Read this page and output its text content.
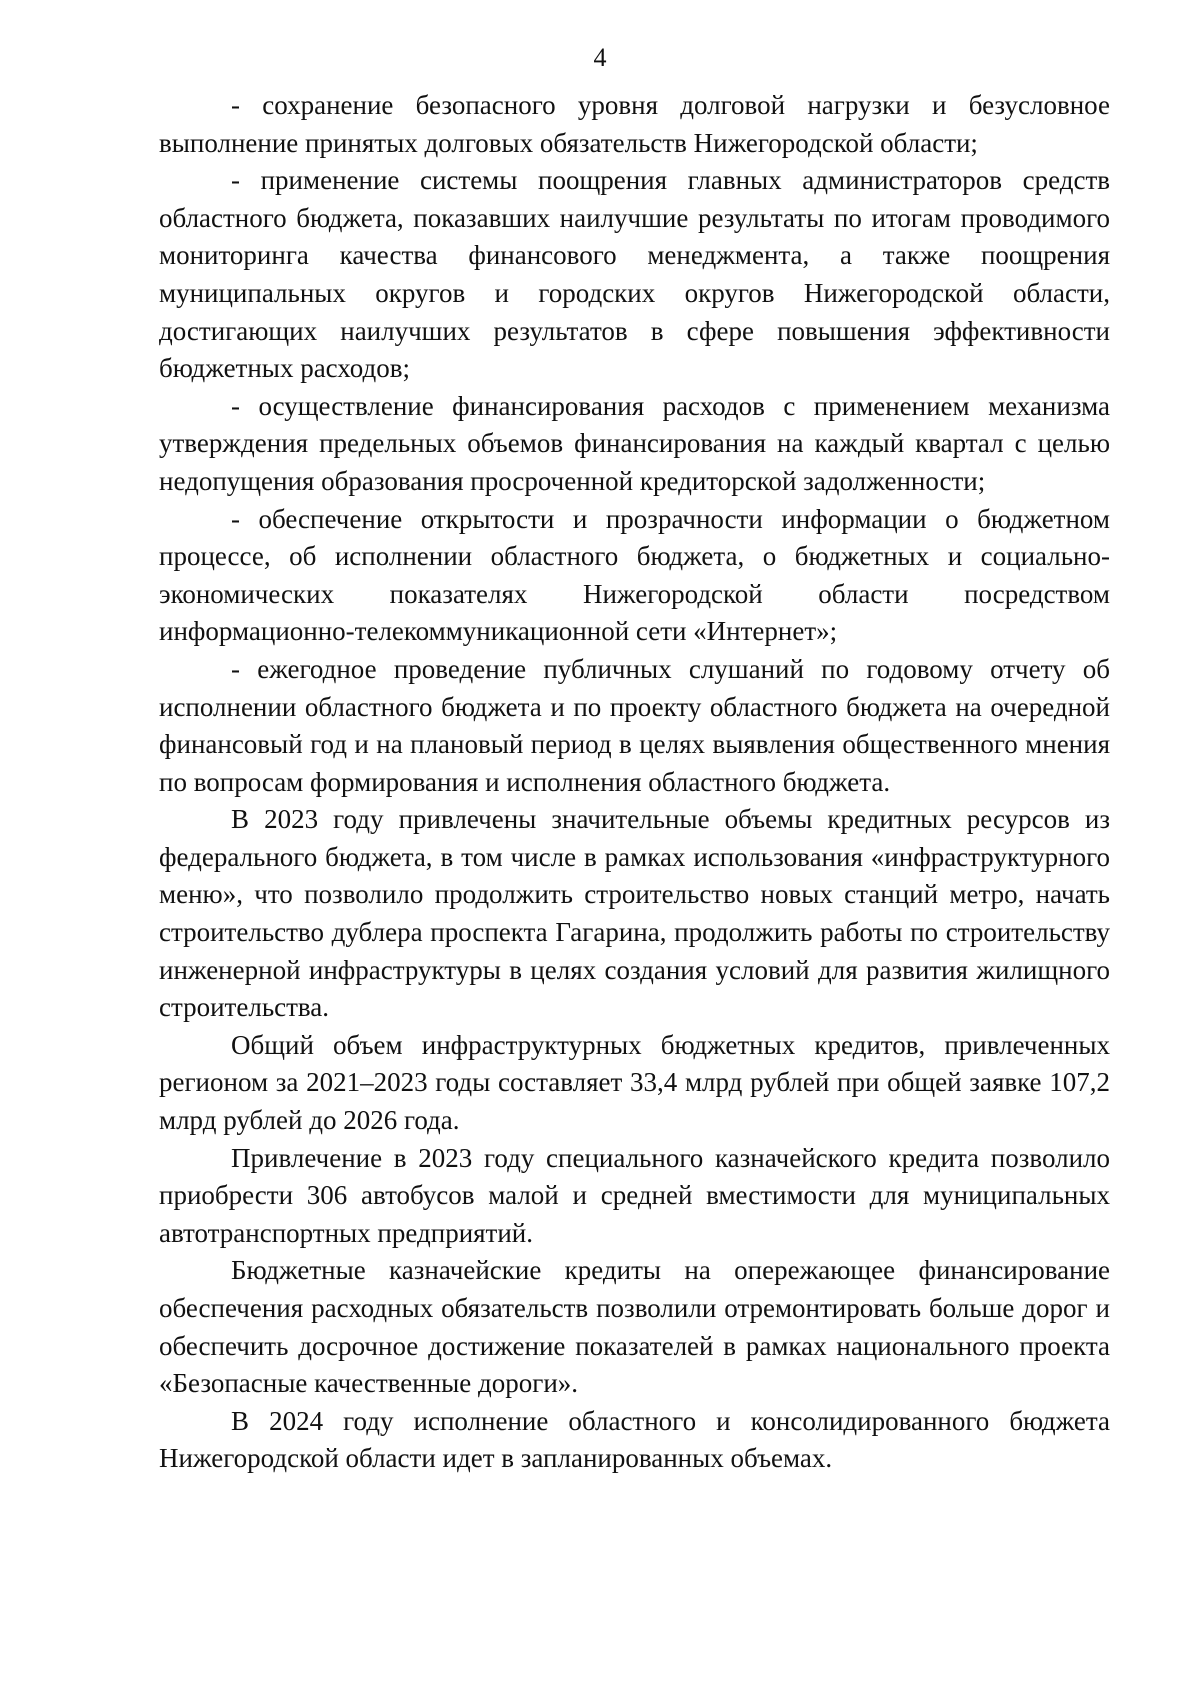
4

- сохранение безопасного уровня долговой нагрузки и безусловное выполнение принятых долговых обязательств Нижегородской области;

- применение системы поощрения главных администраторов средств областного бюджета, показавших наилучшие результаты по итогам проводимого мониторинга качества финансового менеджмента, а также поощрения муниципальных округов и городских округов Нижегородской области, достигающих наилучших результатов в сфере повышения эффективности бюджетных расходов;

- осуществление финансирования расходов с применением механизма утверждения предельных объемов финансирования на каждый квартал с целью недопущения образования просроченной кредиторской задолженности;

- обеспечение открытости и прозрачности информации о бюджетном процессе, об исполнении областного бюджета, о бюджетных и социально-экономических показателях Нижегородской области посредством информационно-телекоммуникационной сети «Интернет»;

- ежегодное проведение публичных слушаний по годовому отчету об исполнении областного бюджета и по проекту областного бюджета на очередной финансовый год и на плановый период в целях выявления общественного мнения по вопросам формирования и исполнения областного бюджета.

В 2023 году привлечены значительные объемы кредитных ресурсов из федерального бюджета, в том числе в рамках использования «инфраструктурного меню», что позволило продолжить строительство новых станций метро, начать строительство дублера проспекта Гагарина, продолжить работы по строительству инженерной инфраструктуры в целях создания условий для развития жилищного строительства.

Общий объем инфраструктурных бюджетных кредитов, привлеченных регионом за 2021–2023 годы составляет 33,4 млрд рублей при общей заявке 107,2 млрд рублей до 2026 года.

Привлечение в 2023 году специального казначейского кредита позволило приобрести 306 автобусов малой и средней вместимости для муниципальных автотранспортных предприятий.

Бюджетные казначейские кредиты на опережающее финансирование обеспечения расходных обязательств позволили отремонтировать больше дорог и обеспечить досрочное достижение показателей в рамках национального проекта «Безопасные качественные дороги».

В 2024 году исполнение областного и консолидированного бюджета Нижегородской области идет в запланированных объемах.
